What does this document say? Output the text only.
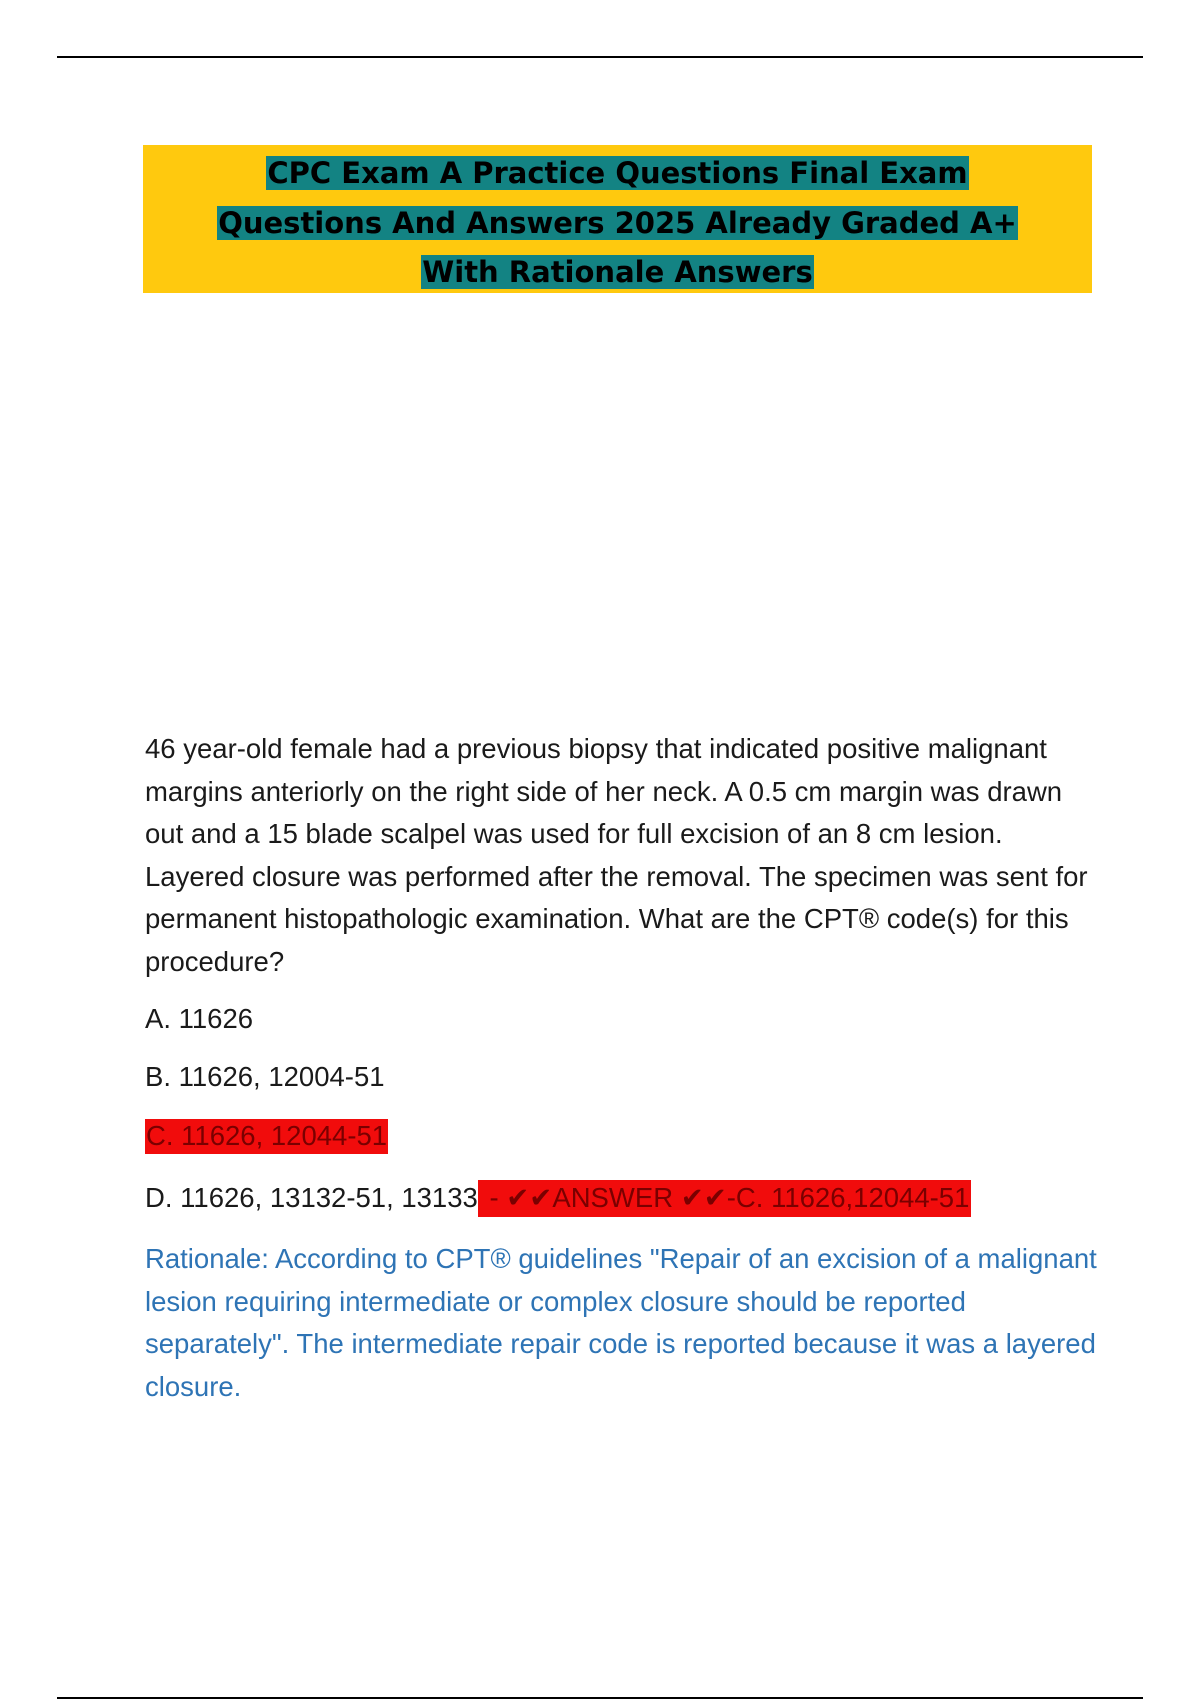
CPC Exam A Practice Questions Final Exam
Questions And Answers 2025 Already Graded A+
With Rationale Answers
46 year-old female had a previous biopsy that indicated positive malignant margins anteriorly on the right side of her neck. A 0.5 cm margin was drawn out and a 15 blade scalpel was used for full excision of an 8 cm lesion. Layered closure was performed after the removal. The specimen was sent for permanent histopathologic examination. What are the CPT® code(s) for this procedure?
A. 11626
B. 11626, 12004-51
C. 11626, 12044-51
D. 11626, 13132-51, 13133 - ✔✔ANSWER ✔✔-C. 11626,12044-51
Rationale: According to CPT® guidelines "Repair of an excision of a malignant lesion requiring intermediate or complex closure should be reported separately". The intermediate repair code is reported because it was a layered closure.
